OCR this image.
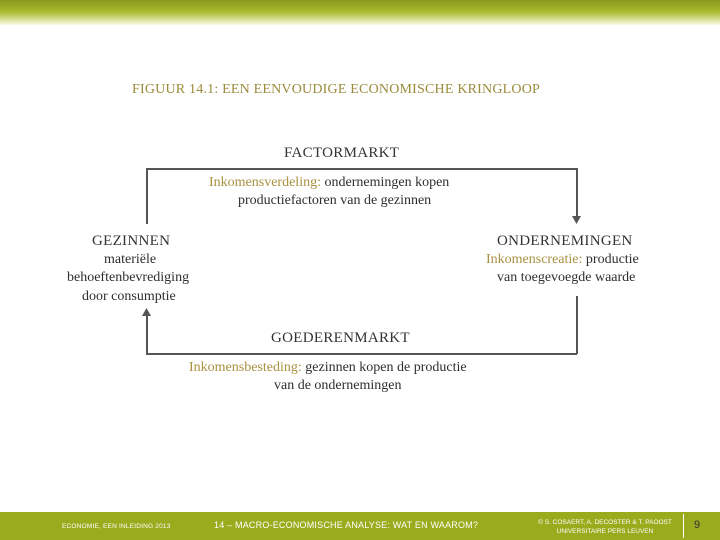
FIGUUR 14.1: EEN EENVOUDIGE ECONOMISCHE KRINGLOOP
FACTORMARKT
Inkomensverdeling: ondernemingen kopen
productiefactoren van de gezinnen
GEZINNEN
materiële
behoeftenbevrediging
door consumptie
ONDERNEMINGEN
Inkomenscreatie: productie
van toegevoegde waarde
GOEDERENMARKT
Inkomensbesteding: gezinnen kopen de productie
van de ondernemingen
ECONOMIE, EEN INLEIDING 2013	14 – MACRO-ECONOMISCHE ANALYSE: WAT EN WAAROM?	© S. COSAERT, A. DECOSTER & T. PAOOST
UNIVERSITAIRE PERS LEUVEN
9
